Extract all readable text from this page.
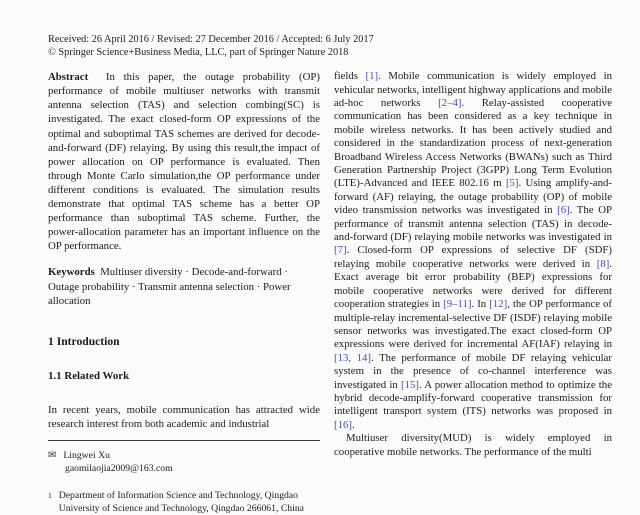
Received: 26 April 2016 / Revised: 27 December 2016 / Accepted: 6 July 2017
© Springer Science+Business Media, LLC, part of Springer Nature 2018

Abstract In this paper, the outage probability (OP) performance of mobile multiuser networks with transmit antenna selection (TAS) and selection combing(SC) is investigated. The exact closed-form OP expressions of the optimal and suboptimal TAS schemes are derived for decode-and-forward (DF) relaying. By using this result,the impact of power allocation on OP performance is evaluated. Then through Monte Carlo simulation,the OP performance under different conditions is evaluated. The simulation results demonstrate that optimal TAS scheme has a better OP performance than suboptimal TAS scheme. Further, the power-allocation parameter has an important influence on the OP performance.

Keywords Multiuser diversity · Decode-and-forward · Outage probability · Transmit antenna selection · Power allocation

1 Introduction
1.1 Related Work

In recent years, mobile communication has attracted wide research interest from both academic and industrial

✉ Lingwei Xu
gaomilaojia2009@163.com
1 Department of Information Science and Technology, Qingdao University of Science and Technology, Qingdao 266061, China

fields [1]. Mobile communication is widely employed in vehicular networks, intelligent highway applications and mobile ad-hoc networks [2–4]. Relay-assisted cooperative communication has been considered as a key technique in mobile wireless networks. It has been actively studied and considered in the standardization process of next-generation Broadband Wireless Access Networks (BWANs) such as Third Generation Partnership Project (3GPP) Long Term Evolution (LTE)-Advanced and IEEE 802.16 m [5]. Using amplify-and-forward (AF) relaying, the outage probability (OP) of mobile video transmission networks was investigated in [6]. The OP performance of transmit antenna selection (TAS) in decode-and-forward (DF) relaying mobile networks was investigated in [7]. Closed-form OP expressions of selective DF (SDF) relaying mobile cooperative networks were derived in [8]. Exact average bit error probability (BEP) expressions for mobile cooperative networks were derived for different cooperation strategies in [9–11]. In [12], the OP performance of multiple-relay incremental-selective DF (ISDF) relaying mobile sensor networks was investigated.The exact closed-form OP expressions were derived for incremental AF(IAF) relaying in [13, 14]. The performance of mobile DF relaying vehicular system in the presence of co-channel interference was investigated in [15]. A power allocation method to optimize the hybrid decode-amplify-forward cooperative transmission for intelligent transport system (ITS) networks was proposed in [16].

Multiuser diversity(MUD) is widely employed in cooperative mobile networks. The performance of the multi
